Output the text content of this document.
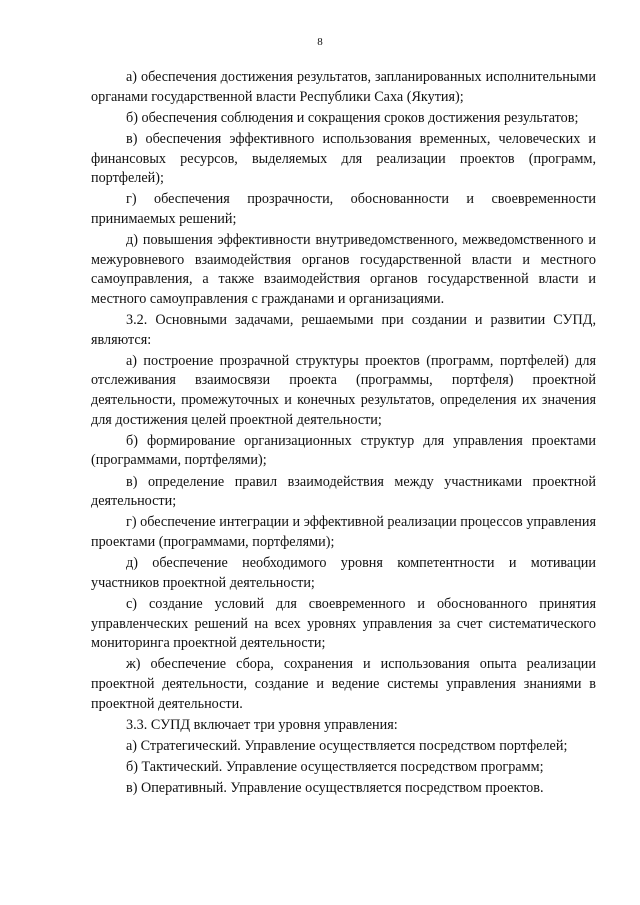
8

а) обеспечения достижения результатов, запланированных исполнительными органами государственной власти Республики Саха (Якутия);

б) обеспечения соблюдения и сокращения сроков достижения результатов;

в) обеспечения эффективного использования временных, человеческих и финансовых ресурсов, выделяемых для реализации проектов (программ, портфелей);

г) обеспечения прозрачности, обоснованности и своевременности принимаемых решений;

д) повышения эффективности внутриведомственного, межведомственного и межуровневого взаимодействия органов государственной власти и местного самоуправления, а также взаимодействия органов государственной власти и местного самоуправления с гражданами и организациями.

3.2. Основными задачами, решаемыми при создании и развитии СУПД, являются:

а) построение прозрачной структуры проектов (программ, портфелей) для отслеживания взаимосвязи проекта (программы, портфеля) проектной деятельности, промежуточных и конечных результатов, определения их значения для достижения целей проектной деятельности;

б) формирование организационных структур для управления проектами (программами, портфелями);

в) определение правил взаимодействия между участниками проектной деятельности;

г) обеспечение интеграции и эффективной реализации процессов управления проектами (программами, портфелями);

д) обеспечение необходимого уровня компетентности и мотивации участников проектной деятельности;

с) создание условий для своевременного и обоснованного принятия управленческих решений на всех уровнях управления за счет систематического мониторинга проектной деятельности;

ж) обеспечение сбора, сохранения и использования опыта реализации проектной деятельности, создание и ведение системы управления знаниями в проектной деятельности.

3.3. СУПД включает три уровня управления:

а) Стратегический. Управление осуществляется посредством портфелей;

б) Тактический. Управление осуществляется посредством программ;

в) Оперативный. Управление осуществляется посредством проектов.
